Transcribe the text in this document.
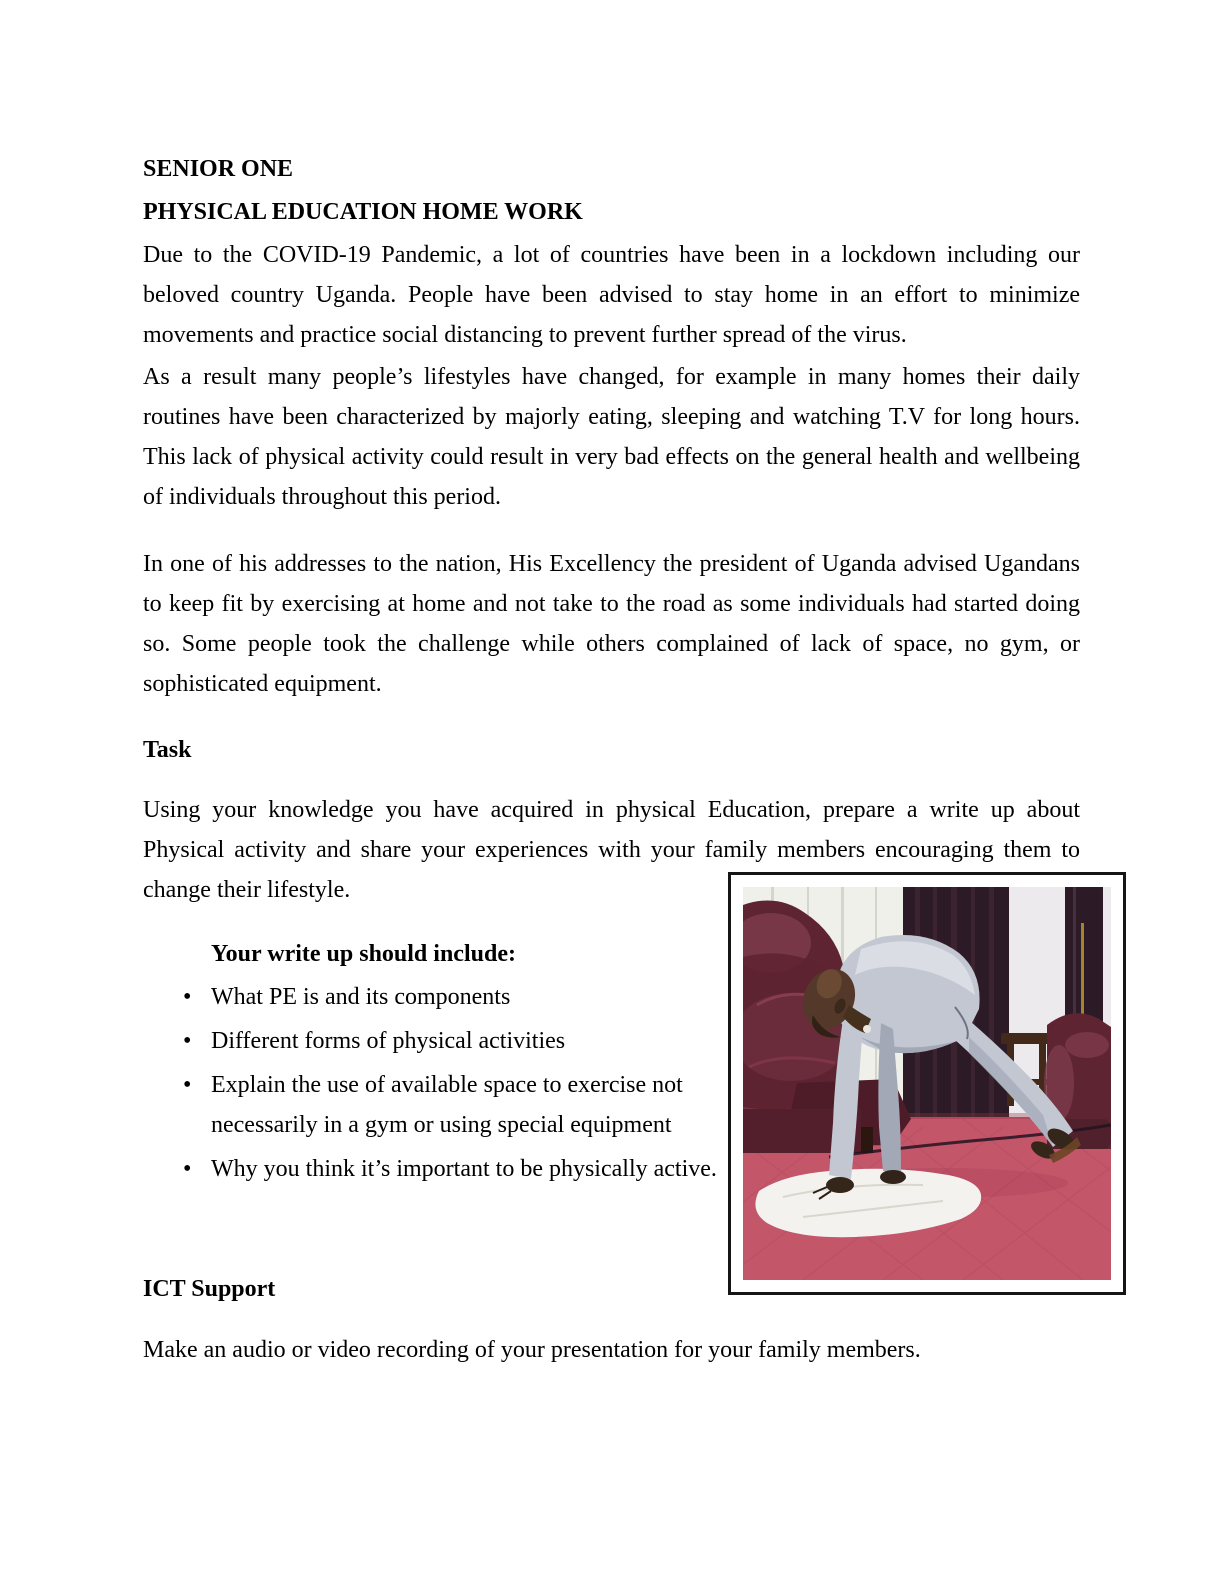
SENIOR ONE
PHYSICAL EDUCATION HOME WORK

Due to the COVID-19 Pandemic, a lot of countries have been in a lockdown including our beloved country Uganda. People have been advised to stay home in an effort to minimize movements and practice social distancing to prevent further spread of the virus.

As a result many people’s lifestyles have changed, for example in many homes their daily routines have been characterized by majorly eating, sleeping and watching T.V for long hours. This lack of physical activity could result in very bad effects on the general health and wellbeing of individuals throughout this period.

In one of his addresses to the nation, His Excellency the president of Uganda advised Ugandans to keep fit by exercising at home and not take to the road as some individuals had started doing so. Some people took the challenge while others complained of lack of space, no gym, or sophisticated equipment.

Task

Using your knowledge you have acquired in physical Education, prepare a write up about Physical activity and share your experiences with your family members encouraging them to change their lifestyle.

Your write up should include:
• What PE is and its components
• Different forms of physical activities
• Explain the use of available space to exercise not necessarily in a gym or using special equipment
• Why you think it’s important to be physically active.
ICT Support

Make an audio or video recording of your presentation for your family members.
